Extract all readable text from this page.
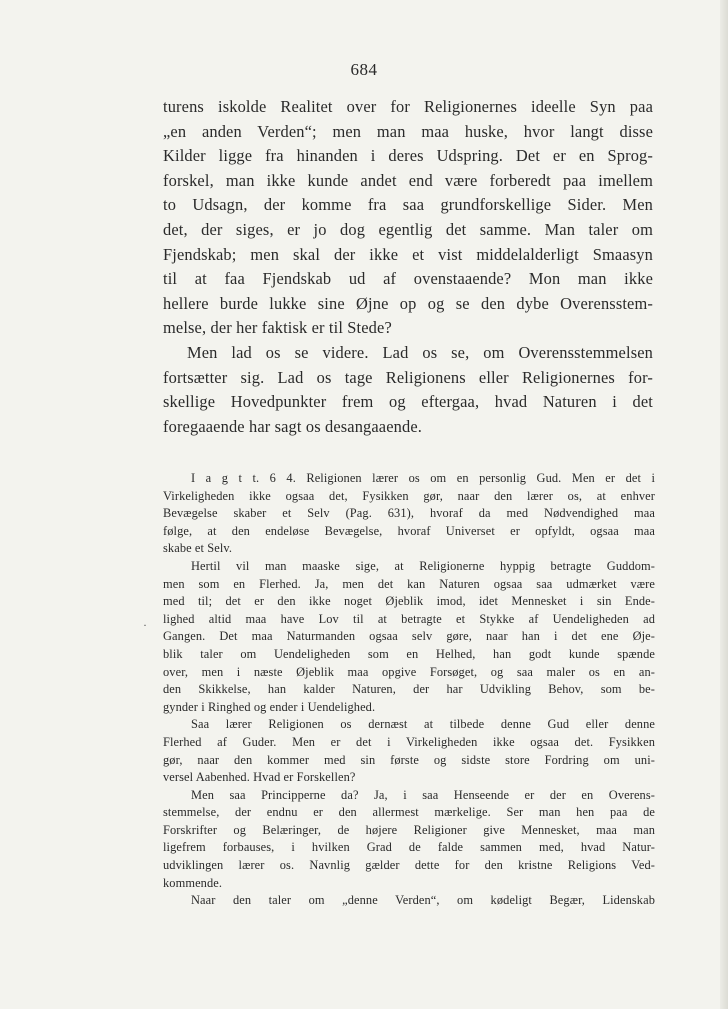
684
turens iskolde Realitet over for Religionernes ideelle Syn paa
„en anden Verden“; men man maa huske, hvor langt disse
Kilder ligge fra hinanden i deres Udspring. Det er en Sprog-
forskel, man ikke kunde andet end være forberedt paa imellem
to Udsagn, der komme fra saa grundforskellige Sider. Men
det, der siges, er jo dog egentlig det samme. Man taler om
Fjendskab; men skal der ikke et vist middelalderligt Smaasyn
til at faa Fjendskab ud af ovenstaaende? Mon man ikke
hellere burde lukke sine Øjne op og se den dybe Overensstem-
melse, der her faktisk er til Stede?
Men lad os se videre. Lad os se, om Overensstemmelsen
fortsætter sig. Lad os tage Religionens eller Religionernes for-
skellige Hovedpunkter frem og eftergaa, hvad Naturen i det
foregaaende har sagt os desangaaende.
·
I a g t t. 6 4. Religionen lærer os om en personlig Gud. Men er det i
Virkeligheden ikke ogsaa det, Fysikken gør, naar den lærer os, at enhver
Bevægelse skaber et Selv (Pag. 631), hvoraf da med Nødvendighed maa
følge, at den endeløse Bevægelse, hvoraf Universet er opfyldt, ogsaa maa
skabe et Selv.
Hertil vil man maaske sige, at Religionerne hyppig betragte Guddom-
men som en Flerhed. Ja, men det kan Naturen ogsaa saa udmærket være
med til; det er den ikke noget Øjeblik imod, idet Mennesket i sin Ende-
lighed altid maa have Lov til at betragte et Stykke af Uendeligheden ad
Gangen. Det maa Naturmanden ogsaa selv gøre, naar han i det ene Øje-
blik taler om Uendeligheden som en Helhed, han godt kunde spænde
over, men i næste Øjeblik maa opgive Forsøget, og saa maler os en an-
den Skikkelse, han kalder Naturen, der har Udvikling Behov, som be-
gynder i Ringhed og ender i Uendelighed.
Saa lærer Religionen os dernæst at tilbede denne Gud eller denne
Flerhed af Guder. Men er det i Virkeligheden ikke ogsaa det. Fysikken
gør, naar den kommer med sin første og sidste store Fordring om uni-
versel Aabenhed. Hvad er Forskellen?
Men saa Principperne da? Ja, i saa Henseende er der en Overens-
stemmelse, der endnu er den allermest mærkelige. Ser man hen paa de
Forskrifter og Belæringer, de højere Religioner give Mennesket, maa man
ligefrem forbauses, i hvilken Grad de falde sammen med, hvad Natur-
udviklingen lærer os. Navnlig gælder dette for den kristne Religions Ved-
kommende.
Naar den taler om „denne Verden“, om kødeligt Begær, Lidenskab
